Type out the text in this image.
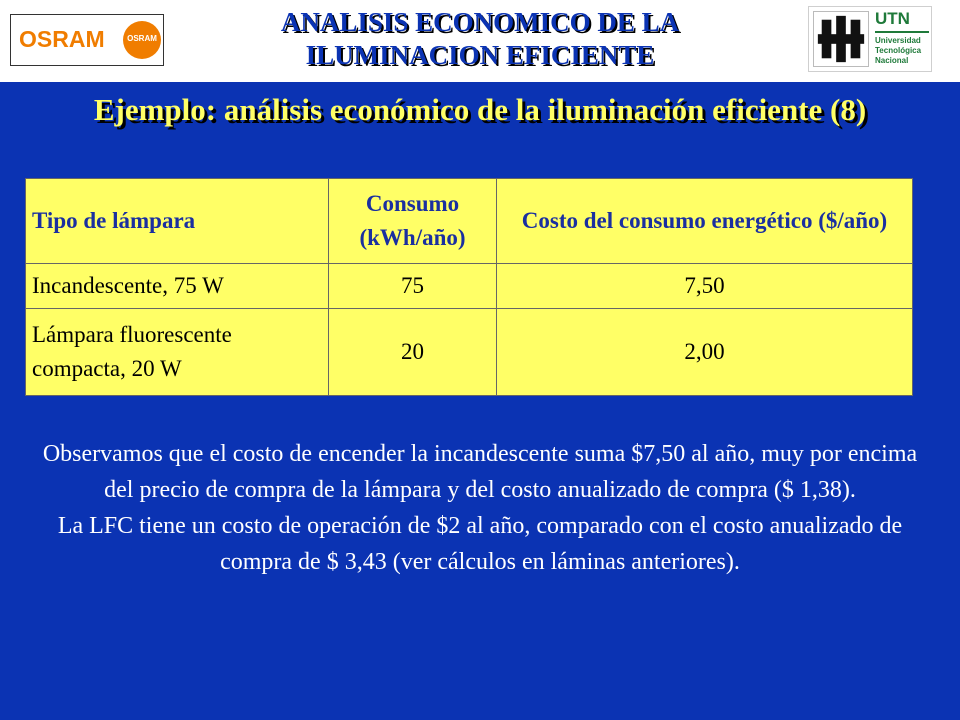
OSRAM	OSRAM
ANALISIS ECONOMICO DE LA
ILUMINACION EFICIENTE
UTN
Universidad
Tecnológica
Nacional
Ejemplo: análisis económico de la iluminación eficiente (8)
Tipo de lámpara	Consumo (kWh/año)	Costo del consumo energético ($/año)
Incandescente, 75 W	75	7,50
Lámpara fluorescente compacta, 20 W	20	2,00

Observamos que el costo de encender la incandescente suma $7,50 al año, muy por encima del precio de compra de la lámpara y del costo anualizado de compra ($ 1,38).

La LFC tiene un costo de operación de $2 al año, comparado con el costo anualizado de compra de $ 3,43 (ver cálculos en láminas anteriores).
